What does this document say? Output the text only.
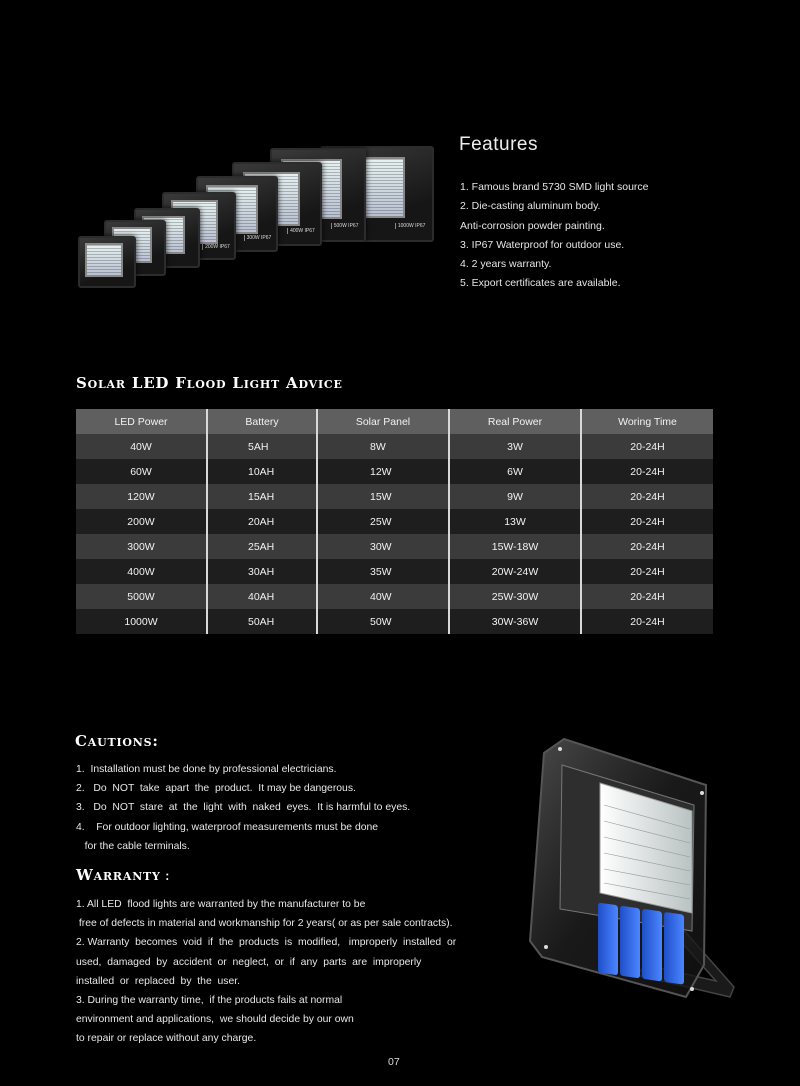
200W IP67
300W IP67
400W IP67
500W IP67	1000W IP67
Features
1. Famous brand 5730 SMD light source
2. Die-casting aluminum body.
Anti-corrosion powder painting.
3. IP67 Waterproof for outdoor use.
4. 2 years warranty.
5. Export certificates are available.
Solar LED Flood Light Advice
LED Power	Battery	Solar Panel	Real Power	Woring Time
40W	5AH	8W	3W	20-24H
60W	10AH	12W	6W	20-24H
120W	15AH	15W	9W	20-24H
200W	20AH	25W	13W	20-24H
300W	25AH	30W	15W-18W	20-24H
400W	30AH	35W	20W-24W	20-24H
500W	40AH	40W	25W-30W	20-24H
1000W	50AH	50W	30W-36W	20-24H
Cautions:
1.  Installation must be done by professional electricians.
2.   Do  NOT  take  apart  the  product.  It may be dangerous.
3.   Do  NOT  stare  at  the  light  with  naked  eyes.  It is harmful to eyes.
4.    For outdoor lighting, waterproof measurements must be done
for the cable terminals.
Warranty :
1. All LED  flood lights are warranted by the manufacturer to be
free of defects in material and workmanship for 2 years( or as per sale contracts).
2. Warranty  becomes  void  if  the  products  is  modified,   improperly  installed  or
used,  damaged  by  accident  or  neglect,  or  if  any  parts  are  improperly
installed  or  replaced  by  the  user.
3. During the warranty time,  if the products fails at normal
environment and applications,  we should decide by our own
to repair or replace without any charge.
07
